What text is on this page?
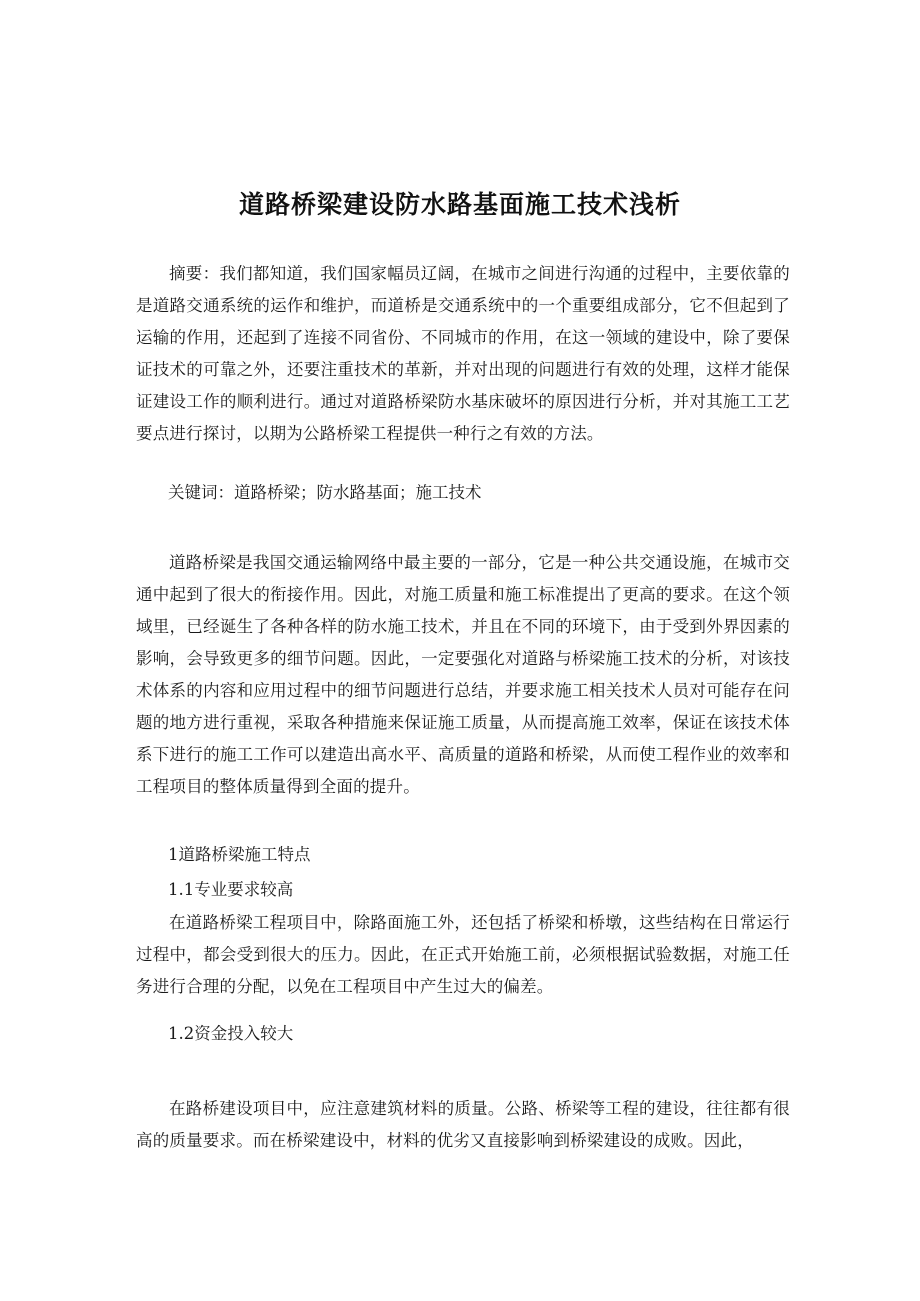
道路桥梁建设防水路基面施工技术浅析

摘要：我们都知道，我们国家幅员辽阔，在城市之间进行沟通的过程中，主要依靠的是道路交通系统的运作和维护，而道桥是交通系统中的一个重要组成部分，它不但起到了运输的作用，还起到了连接不同省份、不同城市的作用，在这一领域的建设中，除了要保证技术的可靠之外，还要注重技术的革新，并对出现的问题进行有效的处理，这样才能保证建设工作的顺利进行。通过对道路桥梁防水基床破坏的原因进行分析，并对其施工工艺要点进行探讨，以期为公路桥梁工程提供一种行之有效的方法。

关键词：道路桥梁；防水路基面；施工技术

道路桥梁是我国交通运输网络中最主要的一部分，它是一种公共交通设施，在城市交通中起到了很大的衔接作用。因此，对施工质量和施工标准提出了更高的要求。在这个领域里，已经诞生了各种各样的防水施工技术，并且在不同的环境下，由于受到外界因素的影响，会导致更多的细节问题。因此，一定要强化对道路与桥梁施工技术的分析，对该技术体系的内容和应用过程中的细节问题进行总结，并要求施工相关技术人员对可能存在问题的地方进行重视，采取各种措施来保证施工质量，从而提高施工效率，保证在该技术体系下进行的施工工作可以建造出高水平、高质量的道路和桥梁，从而使工程作业的效率和工程项目的整体质量得到全面的提升。

1道路桥梁施工特点

1.1专业要求较高

在道路桥梁工程项目中，除路面施工外，还包括了桥梁和桥墩，这些结构在日常运行过程中，都会受到很大的压力。因此，在正式开始施工前，必须根据试验数据，对施工任务进行合理的分配，以免在工程项目中产生过大的偏差。

1.2资金投入较大

在路桥建设项目中，应注意建筑材料的质量。公路、桥梁等工程的建设，往往都有很高的质量要求。而在桥梁建设中，材料的优劣又直接影响到桥梁建设的成败。因此，
